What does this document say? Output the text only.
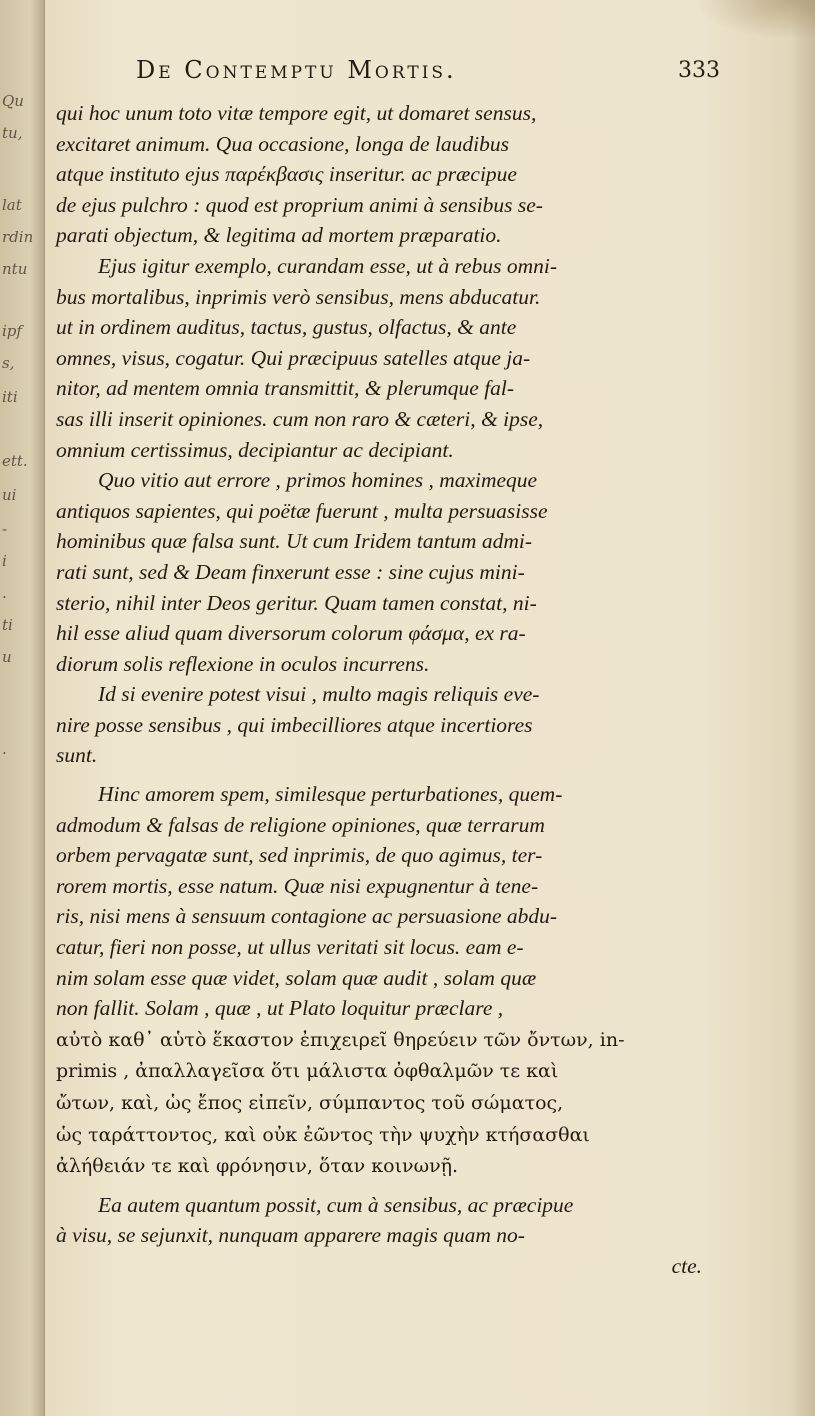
Qu
tu,
lat
rdin
ntu
ipf
s,
iti
ett.
ui
-
i
.
ti
u
.
De Contemptu Mortis.	333

qui hoc unum toto vitæ tempore egit, ut domaret sensus,
excitaret animum. Qua occasione, longa de laudibus
atque instituto ejus παρέκβασις inseritur. ac præcipue
de ejus pulchro : quod est proprium animi à sensibus se-
parati objectum, & legitima ad mortem præparatio.

Ejus igitur exemplo, curandam esse, ut à rebus omni-
bus mortalibus, inprimis verò sensibus, mens abducatur.
ut in ordinem auditus, tactus, gustus, olfactus, & ante
omnes, visus, cogatur. Qui præcipuus satelles atque ja-
nitor, ad mentem omnia transmittit, & plerumque fal-
sas illi inserit opiniones. cum non raro & cæteri, & ipse,
omnium certissimus, decipiantur ac decipiant.

Quo vitio aut errore , primos homines , maximeque
antiquos sapientes, qui poëtæ fuerunt , multa persuasisse
hominibus quæ falsa sunt. Ut cum Iridem tantum admi-
rati sunt, sed & Deam finxerunt esse : sine cujus mini-
sterio, nihil inter Deos geritur. Quam tamen constat, ni-
hil esse aliud quam diversorum colorum φάσμα, ex ra-
diorum solis reflexione in oculos incurrens.

Id si evenire potest visui , multo magis reliquis eve-
nire posse sensibus , qui imbecilliores atque incertiores
sunt.

Hinc amorem spem, similesque perturbationes, quem-
admodum & falsas de religione opiniones, quæ terrarum
orbem pervagatæ sunt, sed inprimis, de quo agimus, ter-
rorem mortis, esse natum. Quæ nisi expugnentur à tene-
ris, nisi mens à sensuum contagione ac persuasione abdu-
catur, fieri non posse, ut ullus veritati sit locus. eam e-
nim solam esse quæ videt, solam quæ audit , solam quæ
non fallit. Solam , quæ , ut Plato loquitur præclare ,
αὐτὸ καθ᾽ αὑτὸ ἕκαστον ἐπιχειρεῖ θηρεύειν τῶν ὄντων, in-
primis , ἀπαλλαγεῖσα ὅτι μάλιστα ὀφθαλμῶν τε καὶ
ὤτων, καὶ, ὡς ἔπος εἰπεῖν, σύμπαντος τοῦ σώματος,
ὡς ταράττοντος, καὶ οὐκ ἐῶντος τὴν ψυχὴν κτήσασθαι
ἀλήθειάν τε καὶ φρόνησιν, ὅταν κοινωνῇ.

Ea autem quantum possit, cum à sensibus, ac præcipue
à visu, se sejunxit, nunquam apparere magis quam no-

cte.
